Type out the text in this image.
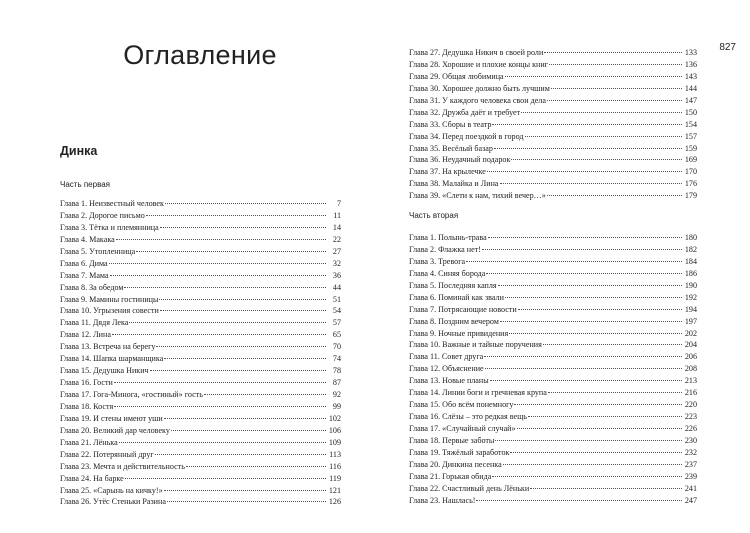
Оглавление
Динка
Часть первая
Глава 1. Неизвестный человек	7
Глава 2. Дорогое письмо	11
Глава 3. Тётка и племянница	14
Глава 4. Макака	22
Глава 5. Утопленница	27
Глава 6. Дима	32
Глава 7. Мама	36
Глава 8. За обедом	44
Глава 9. Мамины гостиницы	51
Глава 10. Угрызения совести	54
Глава 11. Дядя Лека	57
Глава 12. Лина	65
Глава 13. Встреча на берегу	70
Глава 14. Шапка шарманщика	74
Глава 15. Дедушка Никич	78
Глава 16. Гости	87
Глава 17. Гога-Минога, «гостиный» гость	92
Глава 18. Костя	99
Глава 19. И стены имеют уши	102
Глава 20. Великий дар человеку	106
Глава 21. Лёнька	109
Глава 22. Потерянный друг	113
Глава 23. Мечта и действительность	116
Глава 24. На барке	119
Глава 25. «Сарынь на кичку!»	121
Глава 26. Утёс Стеньки Разина	126
827
Глава 27. Дедушка Никич в своей роли	133
Глава 28. Хорошие и плохие концы книг	136
Глава 29. Общая любимица	143
Глава 30. Хорошее должно быть лучшим	144
Глава 31. У каждого человека свои дела	147
Глава 32. Дружба даёт и требует	150
Глава 33. Сборы в театр	154
Глава 34. Перед поездкой в город	157
Глава 35. Весёлый базар	159
Глава 36. Неудачный подарок	169
Глава 37. На крылечке	170
Глава 38. Малайка и Лина	176
Глава 39. «Слети к нам, тихий вечер…»	179
Часть вторая
Глава 1. Полынь-трава	180
Глава 2. Флажка нет!	182
Глава 3. Тревога	184
Глава 4. Синяя борода	186
Глава 5. Последняя капля	190
Глава 6. Поминай как звали	192
Глава 7. Потрясающие новости	194
Глава 8. Поздним вечером	197
Глава 9. Ночные привидения	202
Глава 10. Важные и тайные поручения	204
Глава 11. Совет друга	206
Глава 12. Объяснение	208
Глава 13. Новые планы	213
Глава 14. Линии боги и гречневая крупа	216
Глава 15. Обо всём понемногу	220
Глава 16. Слёзы – это редкая вещь	223
Глава 17. «Случайный случай»	226
Глава 18. Первые заботы	230
Глава 19. Тяжёлый заработок	232
Глава 20. Динкина песенка	237
Глава 21. Горькая обида	239
Глава 22. Счастливый день Лёньки	241
Глава 23. Нашлась!	247
